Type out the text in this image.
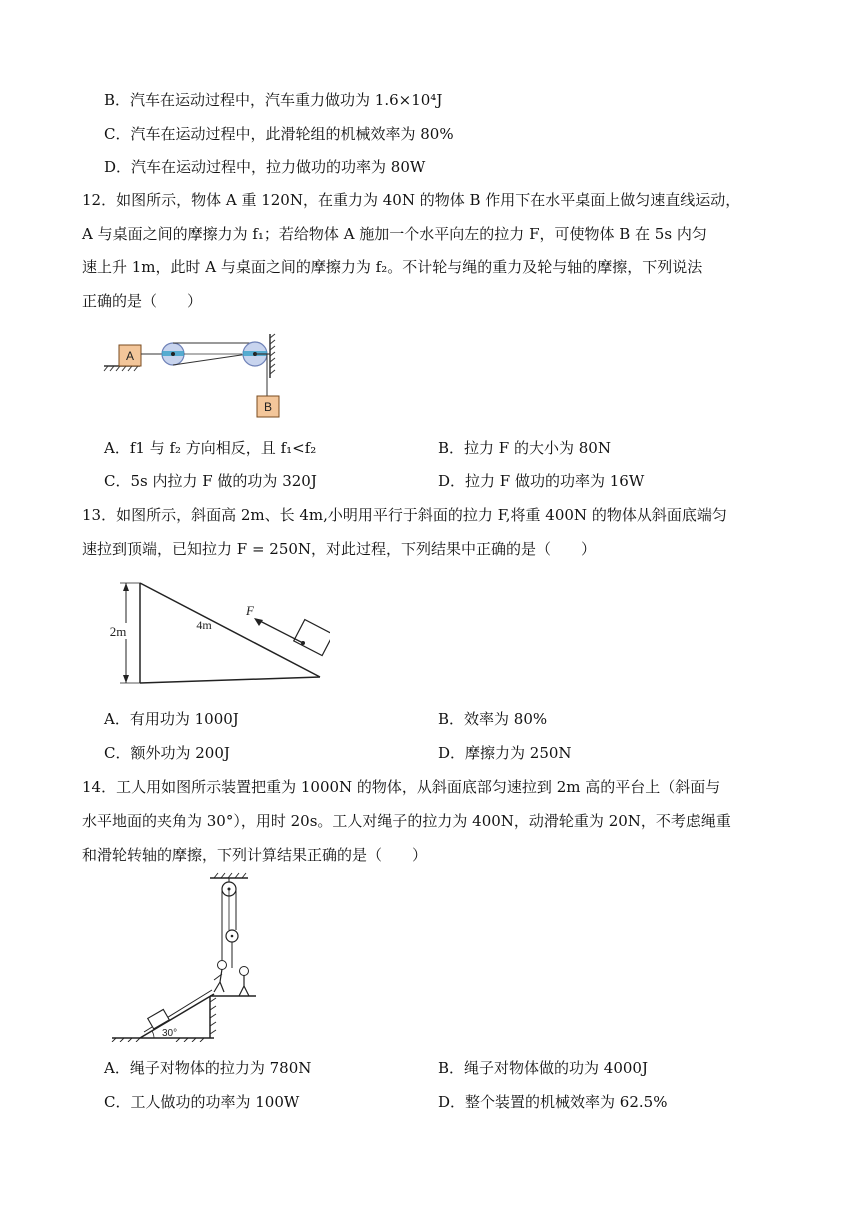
B．汽车在运动过程中，汽车重力做功为 1.6×10⁴J
C．汽车在运动过程中，此滑轮组的机械效率为 80%
D．汽车在运动过程中，拉力做功的功率为 80W
12．如图所示，物体 A 重 120N，在重力为 40N 的物体 B 作用下在水平桌面上做匀速直线运动，
A 与桌面之间的摩擦力为 f₁；若给物体 A 施加一个水平向左的拉力 F，可使物体 B 在 5s 内匀
速上升 1m，此时 A 与桌面之间的摩擦力为 f₂。不计轮与绳的重力及轮与轴的摩擦，下列说法
正确的是（　　）
A
B
A．f1 与 f₂ 方向相反，且 f₁<f₂	B．拉力 F 的大小为 80N
C．5s 内拉力 F 做的功为 320J	D．拉力 F 做功的功率为 16W
13．如图所示，斜面高 2m、长 4m,小明用平行于斜面的拉力 F,将重 400N 的物体从斜面底端匀
速拉到顶端，已知拉力 F = 250N，对此过程，下列结果中正确的是（　　）
2m	4m
F
A．有用功为 1000J	B．效率为 80%
C．额外功为 200J	D．摩擦力为 250N
14．工人用如图所示装置把重为 1000N 的物体，从斜面底部匀速拉到 2m 高的平台上（斜面与
水平地面的夹角为 30°），用时 20s。工人对绳子的拉力为 400N，动滑轮重为 20N，不考虑绳重
和滑轮转轴的摩擦，下列计算结果正确的是（　　）
30°
A．绳子对物体的拉力为 780N	B．绳子对物体做的功为 4000J
C．工人做功的功率为 100W	D．整个装置的机械效率为 62.5%
